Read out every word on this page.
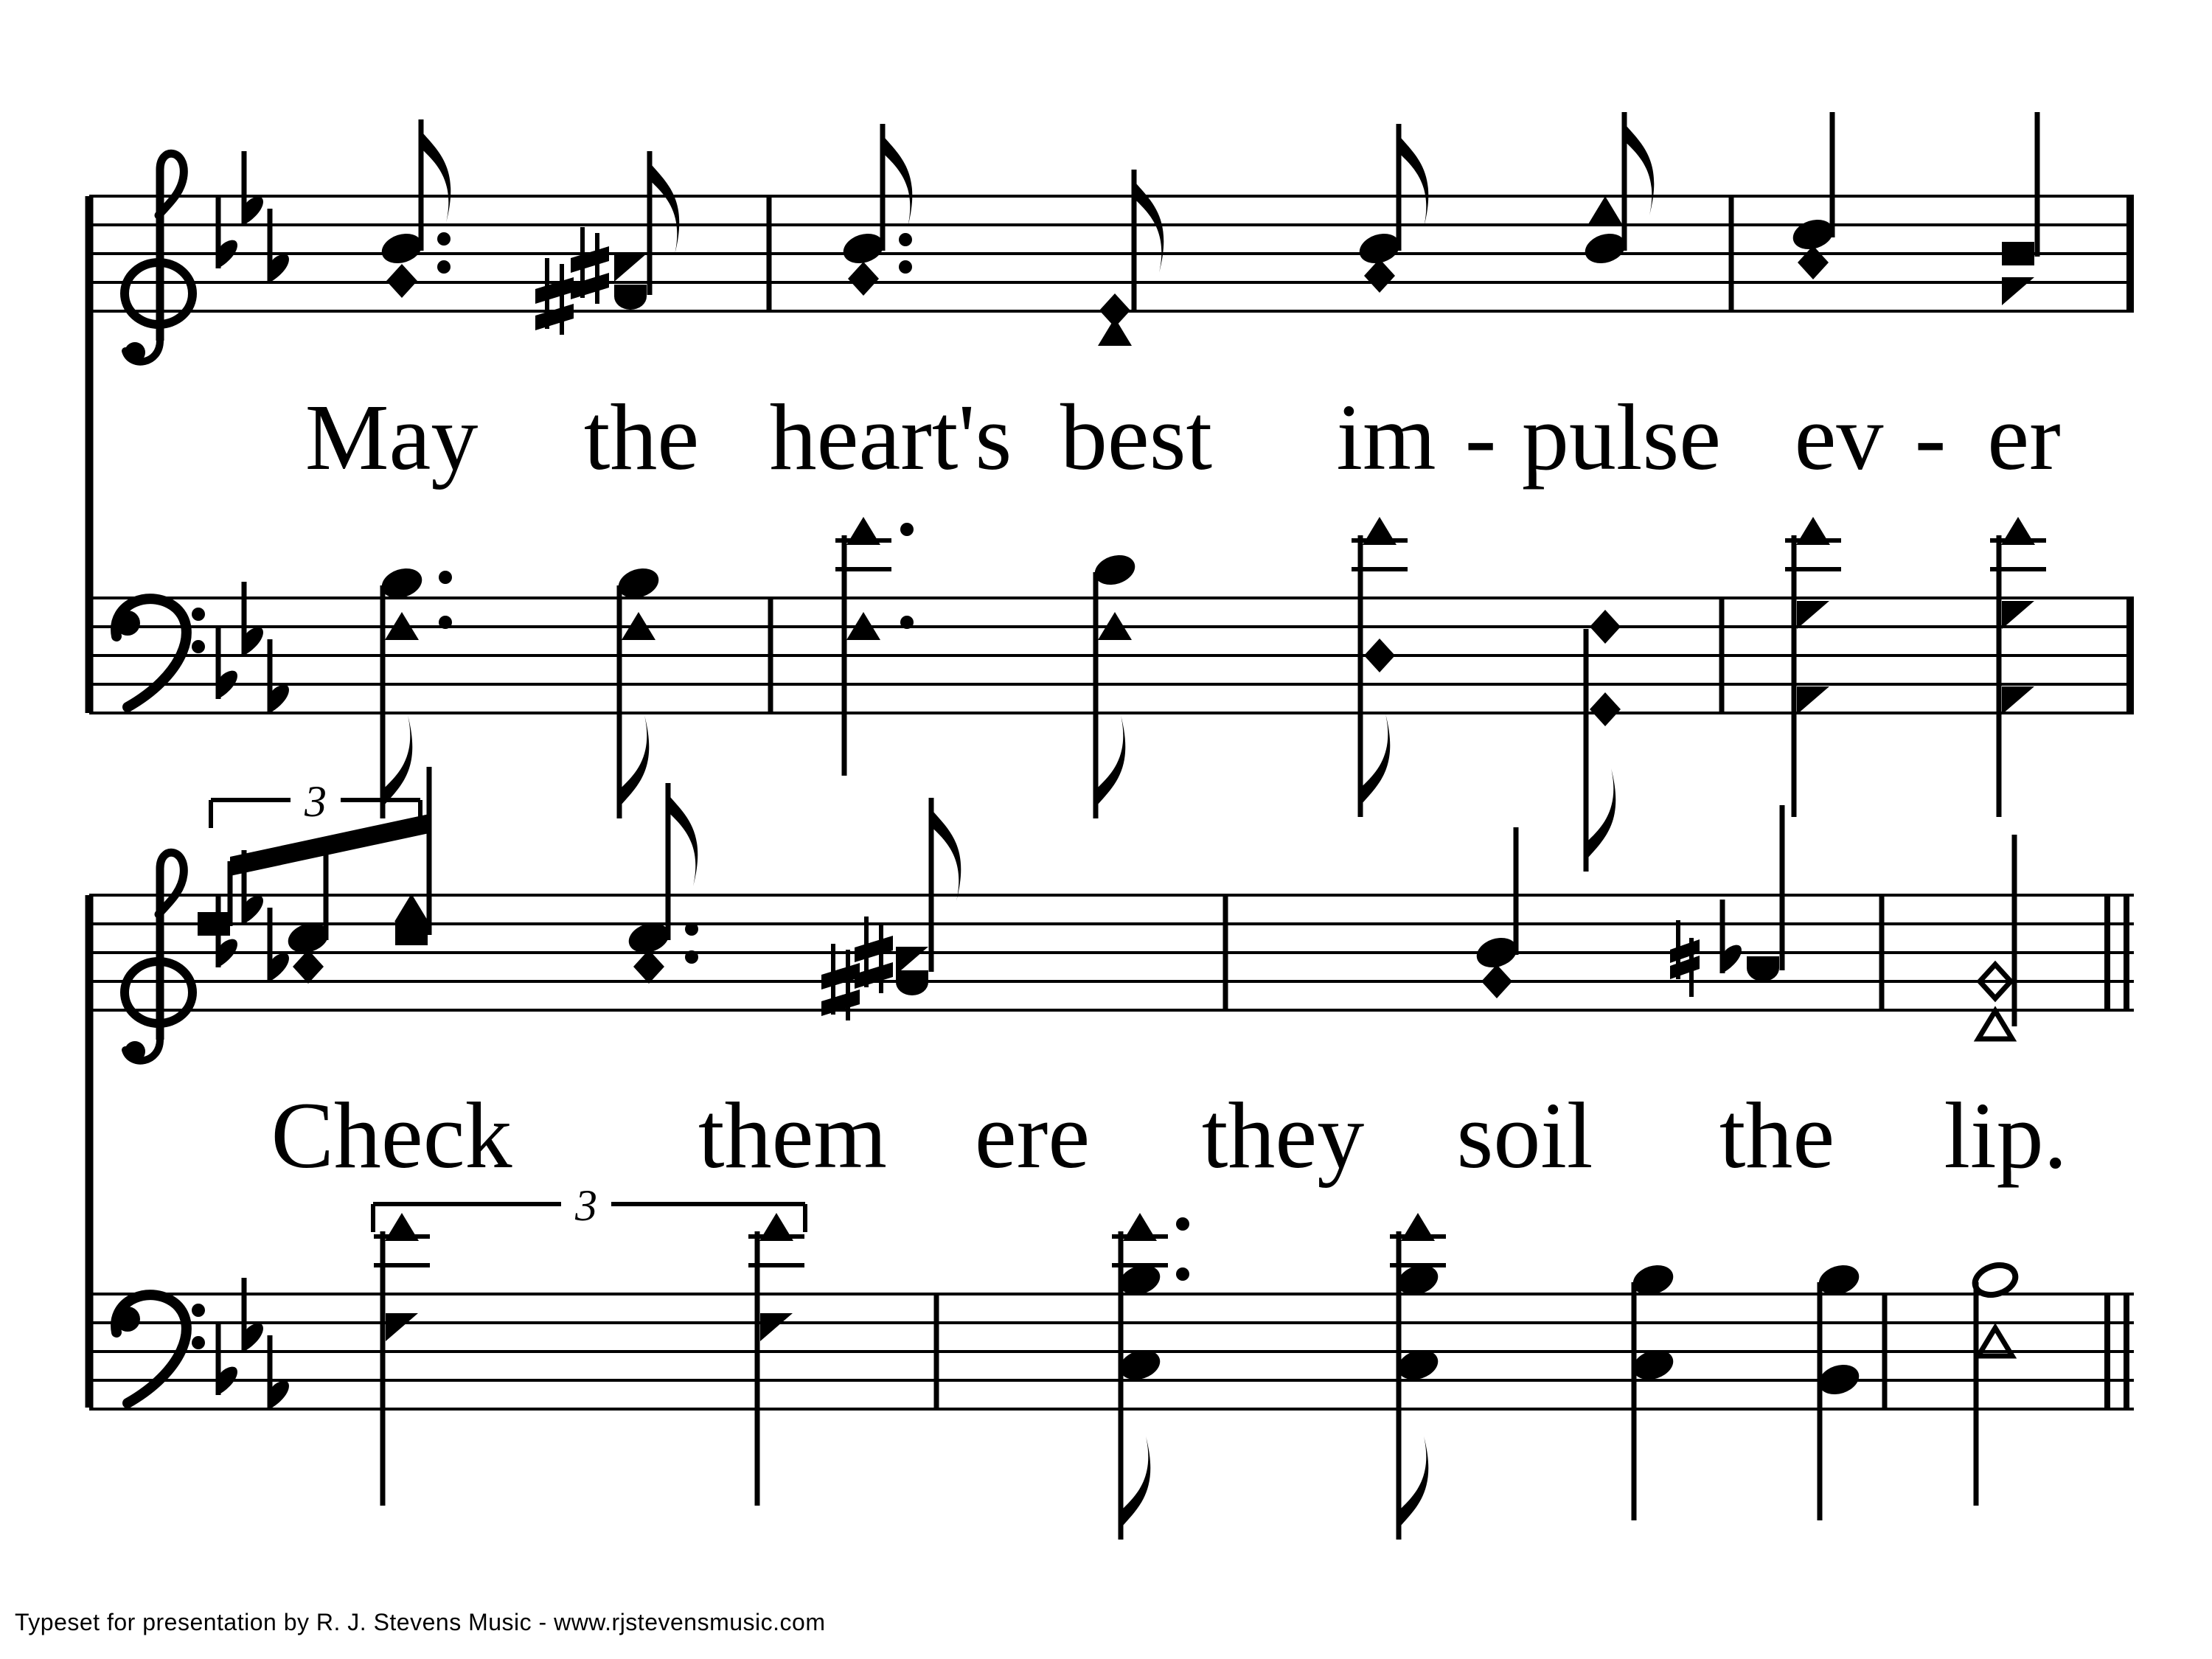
3
3
May the heart's best im - pulse ev - er
Check them ere they soil the lip.
Typeset for presentation by R. J. Stevens Music - www.rjstevensmusic.com
